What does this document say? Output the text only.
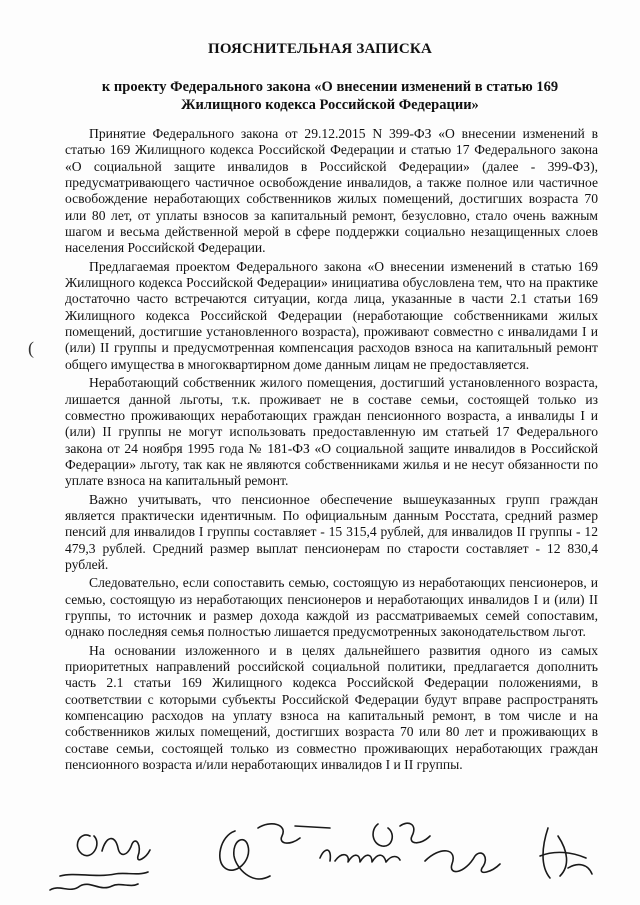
ПОЯСНИТЕЛЬНАЯ ЗАПИСКА
к проекту Федерального закона «О внесении изменений в статью 169
Жилищного кодекса Российской Федерации»

Принятие Федерального закона от 29.12.2015 N 399-ФЗ «О внесении изменений в статью 169 Жилищного кодекса Российской Федерации и статью 17 Федерального закона «О социальной защите инвалидов в Российской Федерации» (далее - 399-ФЗ), предусматривающего частичное освобождение инвалидов, а также полное или частичное освобождение неработающих собственников жилых помещений, достигших возраста 70 или 80 лет, от уплаты взносов за капитальный ремонт, безусловно, стало очень важным шагом и весьма действенной мерой в сфере поддержки социально незащищенных слоев населения Российской Федерации.

Предлагаемая проектом Федерального закона «О внесении изменений в статью 169 Жилищного кодекса Российской Федерации» инициатива обусловлена тем, что на практике достаточно часто встречаются ситуации, когда лица, указанные в части 2.1 статьи 169 Жилищного кодекса Российской Федерации (неработающие собственниками жилых помещений, достигшие установленного возраста), проживают совместно с инвалидами I и (или) II группы и предусмотренная компенсация расходов взноса на капитальный ремонт общего имущества в многоквартирном доме данным лицам не предоставляется.

Неработающий собственник жилого помещения, достигший установленного возраста, лишается данной льготы, т.к. проживает не в составе семьи, состоящей только из совместно проживающих неработающих граждан пенсионного возраста, а инвалиды I и (или) II группы не могут использовать предоставленную им статьей 17 Федерального закона от 24 ноября 1995 года № 181-ФЗ «О социальной защите инвалидов в Российской Федерации» льготу, так как не являются собственниками жилья и не несут обязанности по уплате взноса на капитальный ремонт.

Важно учитывать, что пенсионное обеспечение вышеуказанных групп граждан является практически идентичным. По официальным данным Росстата, средний размер пенсий для инвалидов I группы составляет - 15 315,4 рублей, для инвалидов II группы - 12 479,3 рублей. Средний размер выплат пенсионерам по старости составляет - 12 830,4 рублей.

Следовательно, если сопоставить семью, состоящую из неработающих пенсионеров, и семью, состоящую из неработающих пенсионеров и неработающих инвалидов I и (или) II группы, то источник и размер дохода каждой из рассматриваемых семей сопоставим, однако последняя семья полностью лишается предусмотренных законодательством льгот.

На основании изложенного и в целях дальнейшего развития одного из самых приоритетных направлений российской социальной политики, предлагается дополнить часть 2.1 статьи 169 Жилищного кодекса Российской Федерации положениями, в соответствии с которыми субъекты Российской Федерации будут вправе распространять компенсацию расходов на уплату взноса на капитальный ремонт, в том числе и на собственников жилых помещений, достигших возраста 70 или 80 лет и проживающих в составе семьи, состоящей только из совместно проживающих неработающих граждан пенсионного возраста и/или неработающих инвалидов I и II группы.

(
